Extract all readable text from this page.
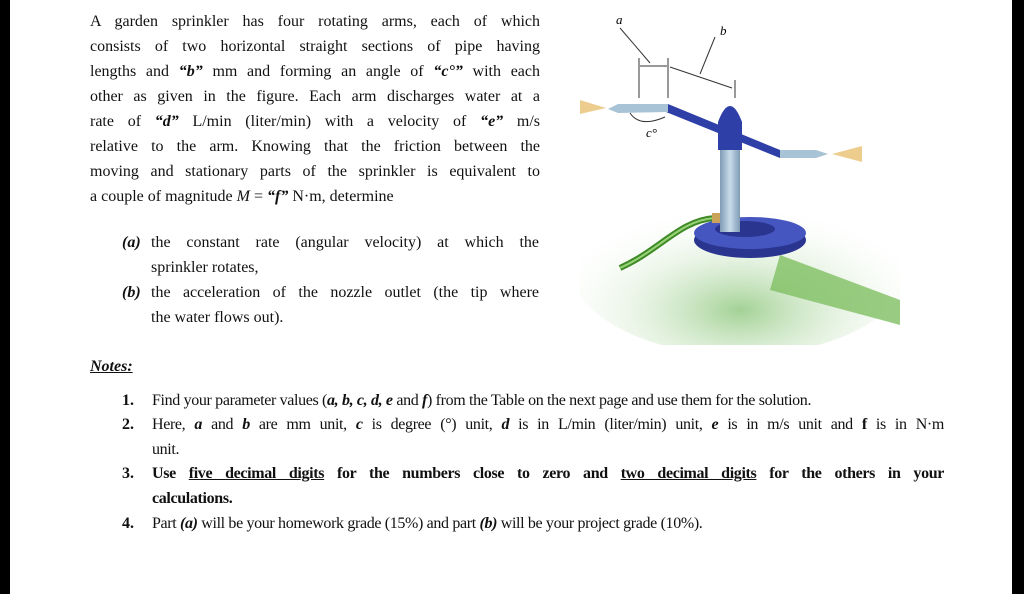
A garden sprinkler has four rotating arms, each of which
consists of two horizontal straight sections of pipe having
lengths and “b” mm and forming an angle of “c°” with each
other as given in the figure. Each arm discharges water at a
rate of “d” L/min (liter/min) with a velocity of “e” m/s
relative to the arm. Knowing that the friction between the
moving and stationary parts of the sprinkler is equivalent to
a couple of magnitude M = “f” N·m, determine
(a) the constant rate (angular velocity) at which the
sprinkler rotates,
(b) the acceleration of the nozzle outlet (the tip where
the water flows out).
a
b
c°
Notes:
1. Find your parameter values (a, b, c, d, e and f) from the Table on the next page and use them for the solution.
2. Here, a and b are mm unit, c is degree (°) unit, d is in L/min (liter/min) unit, e is in m/s unit and f is in N·m
unit.
3. Use five decimal digits for the numbers close to zero and two decimal digits for the others in your
calculations.
4. Part (a) will be your homework grade (15%) and part (b) will be your project grade (10%).
